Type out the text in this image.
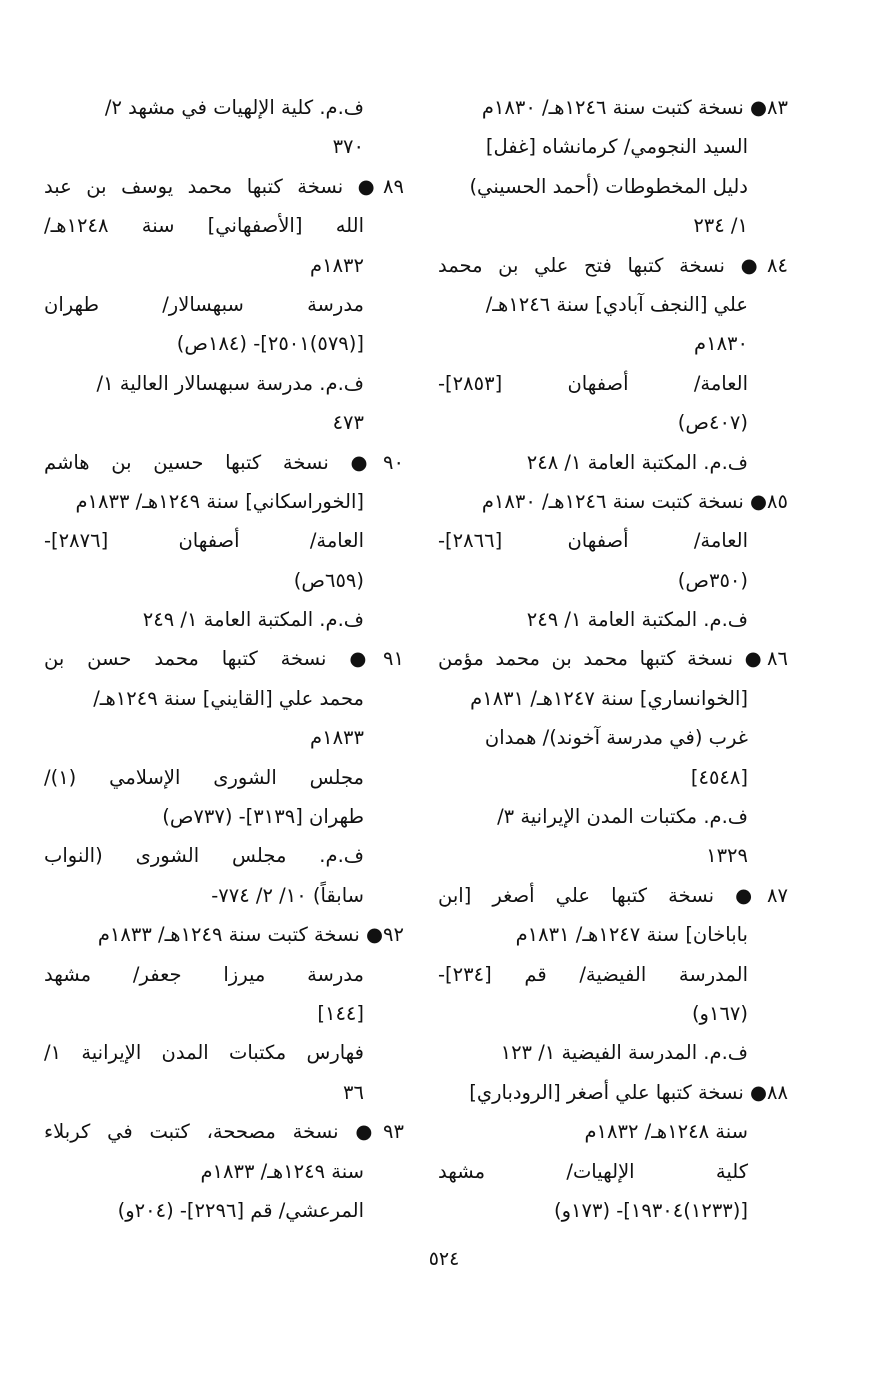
٨٣● نسخة كتبت سنة ١٢٤٦هـ/ ١٨٣٠م
السيد النجومي/ كرمانشاه [غفل]
دليل المخطوطات (أحمد الحسيني)
١/ ٢٣٤
٨٤● نسخة كتبها فتح علي بن محمد
علي [النجف آبادي] سنة ١٢٤٦هـ/
١٨٣٠م
العامة/ أصفهان [٢٨٥٣]-
(٤٠٧ص)
ف.م. المكتبة العامة ١/ ٢٤٨
٨٥● نسخة كتبت سنة ١٢٤٦هـ/ ١٨٣٠م
العامة/ أصفهان [٢٨٦٦]-
(٣٥٠ص)
ف.م. المكتبة العامة ١/ ٢٤٩
٨٦● نسخة كتبها محمد بن محمد مؤمن
[الخوانساري] سنة ١٢٤٧هـ/ ١٨٣١م
غرب (في مدرسة آخوند)/ همدان
[٤٥٤٨]
ف.م. مكتبات المدن الإيرانية ٣/
١٣٢٩
٨٧● نسخة كتبها علي أصغر [ابن
باباخان] سنة ١٢٤٧هـ/ ١٨٣١م
المدرسة الفيضية/ قم [٢٣٤]-
(١٦٧و)
ف.م. المدرسة الفيضية ١/ ١٢٣
٨٨● نسخة كتبها علي أصغر [الرودباري]
سنة ١٢٤٨هـ/ ١٨٣٢م
كلية الإلهيات/ مشهد
[(١٢٣٣)١٩٣٠٤]- (١٧٣و)
ف.م. كلية الإلهيات في مشهد ٢/
٣٧٠
٨٩● نسخة كتبها محمد يوسف بن عبد
الله [الأصفهاني] سنة ١٢٤٨هـ/
١٨٣٢م
مدرسة سبهسالار/ طهران
[(٥٧٩)٢٥٠١]- (١٨٤ص)
ف.م. مدرسة سبهسالار العالية ١/
٤٧٣
٩٠● نسخة كتبها حسين بن هاشم
[الخوراسكاني] سنة ١٢٤٩هـ/ ١٨٣٣م
العامة/ أصفهان [٢٨٧٦]-
(٦٥٩ص)
ف.م. المكتبة العامة ١/ ٢٤٩
٩١● نسخة كتبها محمد حسن بن
محمد علي [القايني] سنة ١٢٤٩هـ/
١٨٣٣م
مجلس الشورى الإسلامي (١)/
طهران [٣١٣٩]- (٧٣٧ص)
ف.م. مجلس الشورى (النواب
سابقاً) ١٠/ ٢/ ٧٧٤-
٩٢● نسخة كتبت سنة ١٢٤٩هـ/ ١٨٣٣م
مدرسة ميرزا جعفر/ مشهد
[١٤٤]
فهارس مكتبات المدن الإيرانية ١/
٣٦
٩٣● نسخة مصححة، كتبت في كربلاء
سنة ١٢٤٩هـ/ ١٨٣٣م
المرعشي/ قم [٢٢٩٦]- (٢٠٤و)
٥٢٤
